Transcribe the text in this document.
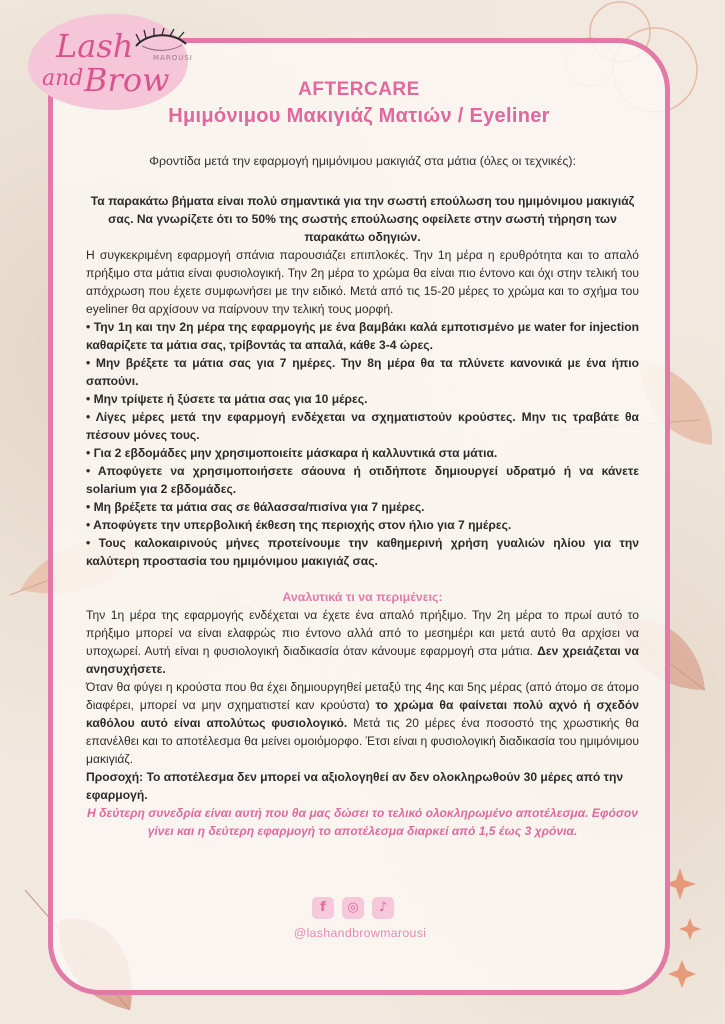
Lash
and Brow
MAROUSI
AFTERCARE
Ημιμόνιμου Μακιγιάζ Ματιών / Eyeliner
Φροντίδα μετά την εφαρμογή ημιμόνιμου μακιγιάζ στα μάτια (όλες οι τεχνικές):

Τα παρακάτω βήματα είναι πολύ σημαντικά για την σωστή επούλωση του ημιμόνιμου μακιγιάζ σας. Να γνωρίζετε ότι το 50% της σωστής επούλωσης οφείλετε στην σωστή τήρηση των παρακάτω οδηγιών.

Η συγκεκριμένη εφαρμογή σπάνια παρουσιάζει επιπλοκές. Την 1η μέρα η ερυθρότητα και το απαλό πρήξιμο στα μάτια είναι φυσιολογική. Την 2η μέρα το χρώμα θα είναι πιο έντονο και όχι στην τελική του απόχρωση που έχετε συμφωνήσει με την ειδικό. Μετά από τις 15-20 μέρες το χρώμα και το σχήμα του eyeliner θα αρχίσουν να παίρνουν την τελική τους μορφή.

• Την 1η και την 2η μέρα της εφαρμογής με ένα βαμβάκι καλά εμποτισμένο με water for injection καθαρίζετε τα μάτια σας, τρίβοντάς τα απαλά, κάθε 3-4 ώρες.

• Μην βρέξετε τα μάτια σας για 7 ημέρες. Την 8η μέρα θα τα πλύνετε κανονικά με ένα ήπιο σαπούνι.

• Μην τρίψετε ή ξύσετε τα μάτια σας για 10 μέρες.

• Λίγες μέρες μετά την εφαρμογή ενδέχεται να σχηματιστούν κρούστες. Μην τις τραβάτε θα πέσουν μόνες τους.

• Για 2 εβδομάδες μην χρησιμοποιείτε μάσκαρα ή καλλυντικά στα μάτια.

• Αποφύγετε να χρησιμοποιήσετε σάουνα ή οτιδήποτε δημιουργεί υδρατμό ή να κάνετε solarium για 2 εβδομάδες.

• Μη βρέξετε τα μάτια σας σε θάλασσα/πισίνα για 7 ημέρες.

• Αποφύγετε την υπερβολική έκθεση της περιοχής στον ήλιο για 7 ημέρες.

• Τους καλοκαιρινούς μήνες προτείνουμε την καθημερινή χρήση γυαλιών ηλίου για την καλύτερη προστασία του ημιμόνιμου μακιγιάζ σας.

Αναλυτικά τι να περιμένεις:

Την 1η μέρα της εφαρμογής ενδέχεται να έχετε ένα απαλό πρήξιμο. Την 2η μέρα το πρωί αυτό το πρήξιμο μπορεί να είναι ελαφρώς πιο έντονο αλλά από το μεσημέρι και μετά αυτό θα αρχίσει να υποχωρεί. Αυτή είναι η φυσιολογική διαδικασία όταν κάνουμε εφαρμογή στα μάτια. Δεν χρειάζεται να ανησυχήσετε.

Όταν θα φύγει η κρούστα που θα έχει δημιουργηθεί μεταξύ της 4ης και 5ης μέρας (από άτομο σε άτομο διαφέρει, μπορεί να μην σχηματιστεί καν κρούστα) το χρώμα θα φαίνεται πολύ αχνό ή σχεδόν καθόλου αυτό είναι απολύτως φυσιολογικό. Μετά τις 20 μέρες ένα ποσοστό της χρωστικής θα επανέλθει και το αποτέλεσμα θα μείνει ομοιόμορφο. Έτσι είναι η φυσιολογική διαδικασία του ημιμόνιμου μακιγιάζ.

Προσοχή: Το αποτέλεσμα δεν μπορεί να αξιολογηθεί αν δεν ολοκληρωθούν 30 μέρες από την εφαρμογή.

Η δεύτερη συνεδρία είναι αυτή που θα μας δώσει το τελικό ολοκληρωμένο αποτέλεσμα. Εφόσον γίνει και η δεύτερη εφαρμογή το αποτέλεσμα διαρκεί από 1,5 έως 3 χρόνια.

f	◎	♪
@lashandbrowmarousi
